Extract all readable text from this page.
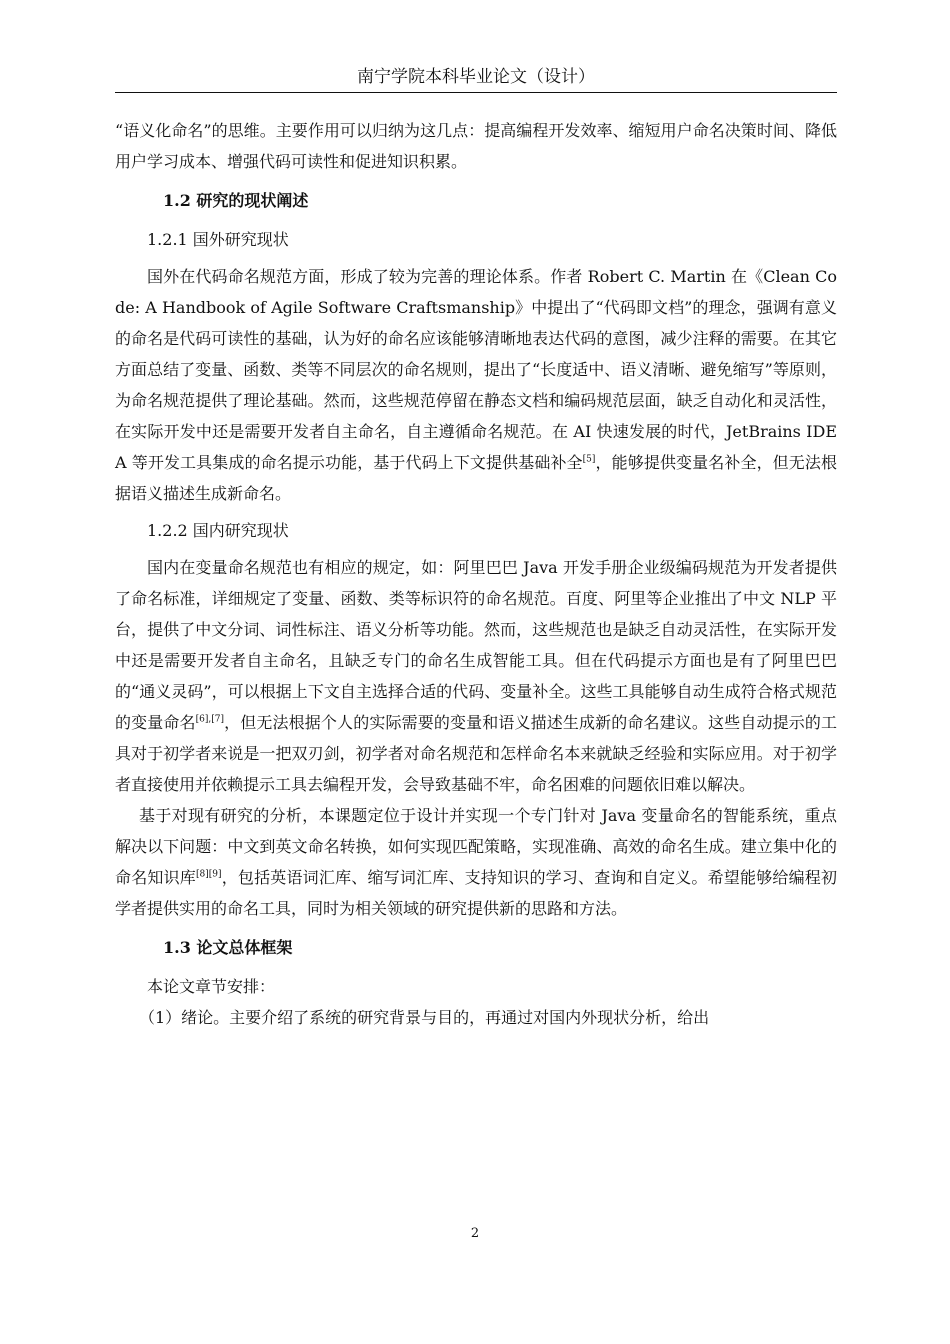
南宁学院本科毕业论文（设计）

“语义化命名”的思维。主要作用可以归纳为这几点：提高编程开发效率、缩短用户命名决策时间、降低用户学习成本、增强代码可读性和促进知识积累。

1.2 研究的现状阐述
1.2.1 国外研究现状

国外在代码命名规范方面，形成了较为完善的理论体系。作者 Robert C. Martin 在《Clean Code: A Handbook of Agile Software Craftsmanship》中提出了“代码即文档”的理念，强调有意义的命名是代码可读性的基础，认为好的命名应该能够清晰地表达代码的意图，减少注释的需要。在其它方面总结了变量、函数、类等不同层次的命名规则，提出了“长度适中、语义清晰、避免缩写”等原则，为命名规范提供了理论基础。然而，这些规范停留在静态文档和编码规范层面，缺乏自动化和灵活性，在实际开发中还是需要开发者自主命名，自主遵循命名规范。在 AI 快速发展的时代，JetBrains IDEA 等开发工具集成的命名提示功能，基于代码上下文提供基础补全[5]，能够提供变量名补全，但无法根据语义描述生成新命名。

1.2.2 国内研究现状

国内在变量命名规范也有相应的规定，如：阿里巴巴 Java 开发手册企业级编码规范为开发者提供了命名标准，详细规定了变量、函数、类等标识符的命名规范。百度、阿里等企业推出了中文 NLP 平台，提供了中文分词、词性标注、语义分析等功能。然而，这些规范也是缺乏自动灵活性，在实际开发中还是需要开发者自主命名，且缺乏专门的命名生成智能工具。但在代码提示方面也是有了阿里巴巴的“通义灵码”，可以根据上下文自主选择合适的代码、变量补全。这些工具能够自动生成符合格式规范的变量命名[6],[7]，但无法根据个人的实际需要的变量和语义描述生成新的命名建议。这些自动提示的工具对于初学者来说是一把双刃剑，初学者对命名规范和怎样命名本来就缺乏经验和实际应用。对于初学者直接使用并依赖提示工具去编程开发，会导致基础不牢，命名困难的问题依旧难以解决。

基于对现有研究的分析，本课题定位于设计并实现一个专门针对 Java 变量命名的智能系统，重点解决以下问题：中文到英文命名转换，如何实现匹配策略，实现准确、高效的命名生成。建立集中化的命名知识库[8][9]，包括英语词汇库、缩写词汇库、支持知识的学习、查询和自定义。希望能够给编程初学者提供实用的命名工具，同时为相关领域的研究提供新的思路和方法。

1.3 论文总体框架

本论文章节安排：

（1）绪论。主要介绍了系统的研究背景与目的，再通过对国内外现状分析，给出

2
